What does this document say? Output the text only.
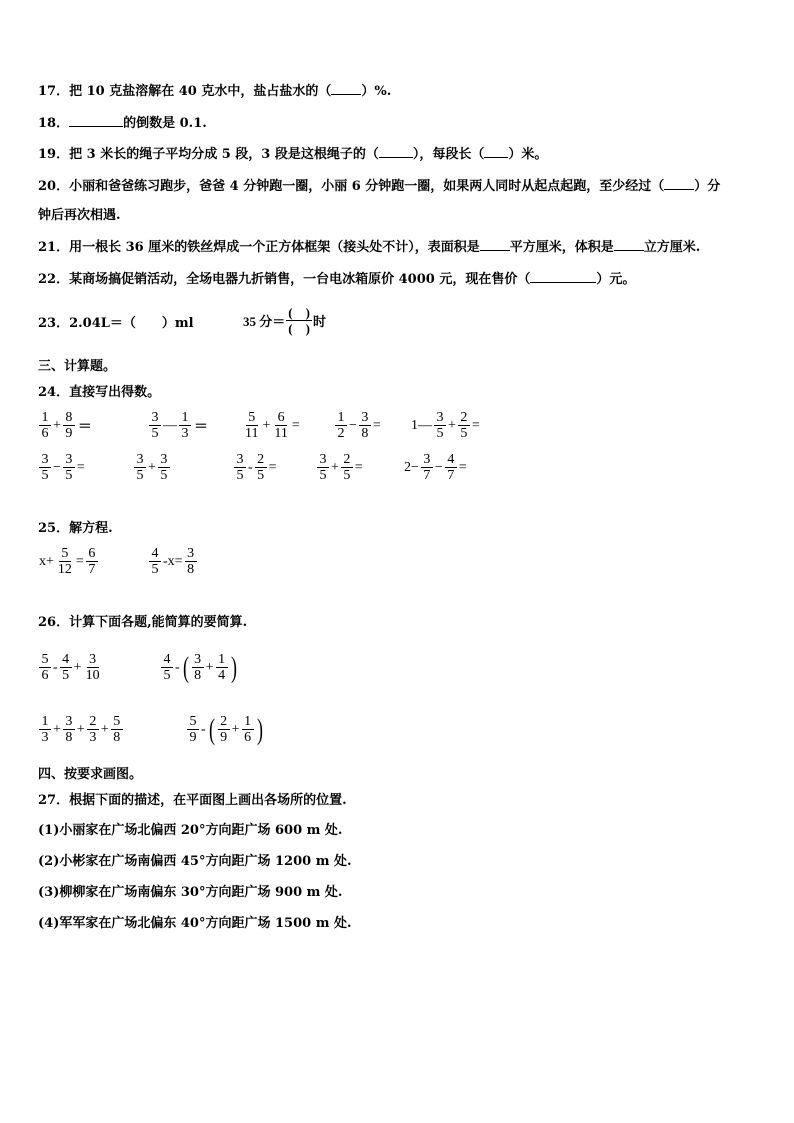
17．把 10 克盐溶解在 40 克水中，盐占盐水的（ ）%.
18．	的倒数是 0.1.
19．把 3 米长的绳子平均分成 5 段，3 段是这根绳子的（	），每段长（ ）米。
20．小丽和爸爸练习跑步，爸爸 4 分钟跑一圈，小丽 6 分钟跑一圈，如果两人同时从起点起跑，至少经过（ ）分
钟后再次相遇.
21．用一根长 36 厘米的铁丝焊成一个正方体框架（接头处不计），表面积是 平方厘米，体积是 立方厘米.
22．某商场搞促销活动，全场电器九折销售，一台电冰箱原价 4000 元，现在售价（	）元。
23．2.04L＝（　　）ml	35 分＝ $\frac{( )}{( )}$ 时
三、计算题。
24．直接写出得数。
$\frac{1}{6} + \frac{8}{9}$ ＝	$\frac{3}{5}$ — $\frac{1}{3}$ ＝	$\frac{5}{11} + \frac{6}{11}$ =	$\frac{1}{2} - \frac{3}{8}$ = 1— $\frac{3}{5} + \frac{2}{5}$ =
$\frac{3}{5} - \frac{3}{5}$ =	$\frac{3}{5} + \frac{3}{5}$	$\frac{3}{5} - \frac{2}{5}$ =	$\frac{3}{5} + \frac{2}{5}$ =	$2- \frac{3}{7} - \frac{4}{7}$ =
25．解方程.
$x+ \frac{5}{12} = \frac{6}{7}$	$\frac{4}{5} -x= \frac{3}{8}$
26．计算下面各题,能简算的要简算.
$\frac{5}{6} - \frac{4}{5} + \frac{3}{10}$	$\frac{4}{5}$ - ( $\frac{3}{8} + \frac{1}{4}$ )
$\frac{1}{3} + \frac{3}{8} + \frac{2}{3} + \frac{5}{8}$	$\frac{5}{9}$ - ( $\frac{2}{9} + \frac{1}{6}$ )
四、按要求画图。
27．根据下面的描述，在平面图上画出各场所的位置.
(1)小丽家在广场北偏西 20°方向距广场 600 m 处.
(2)小彬家在广场南偏西 45°方向距广场 1200 m 处.
(3)柳柳家在广场南偏东 30°方向距广场 900 m 处.
(4)军军家在广场北偏东 40°方向距广场 1500 m 处.
